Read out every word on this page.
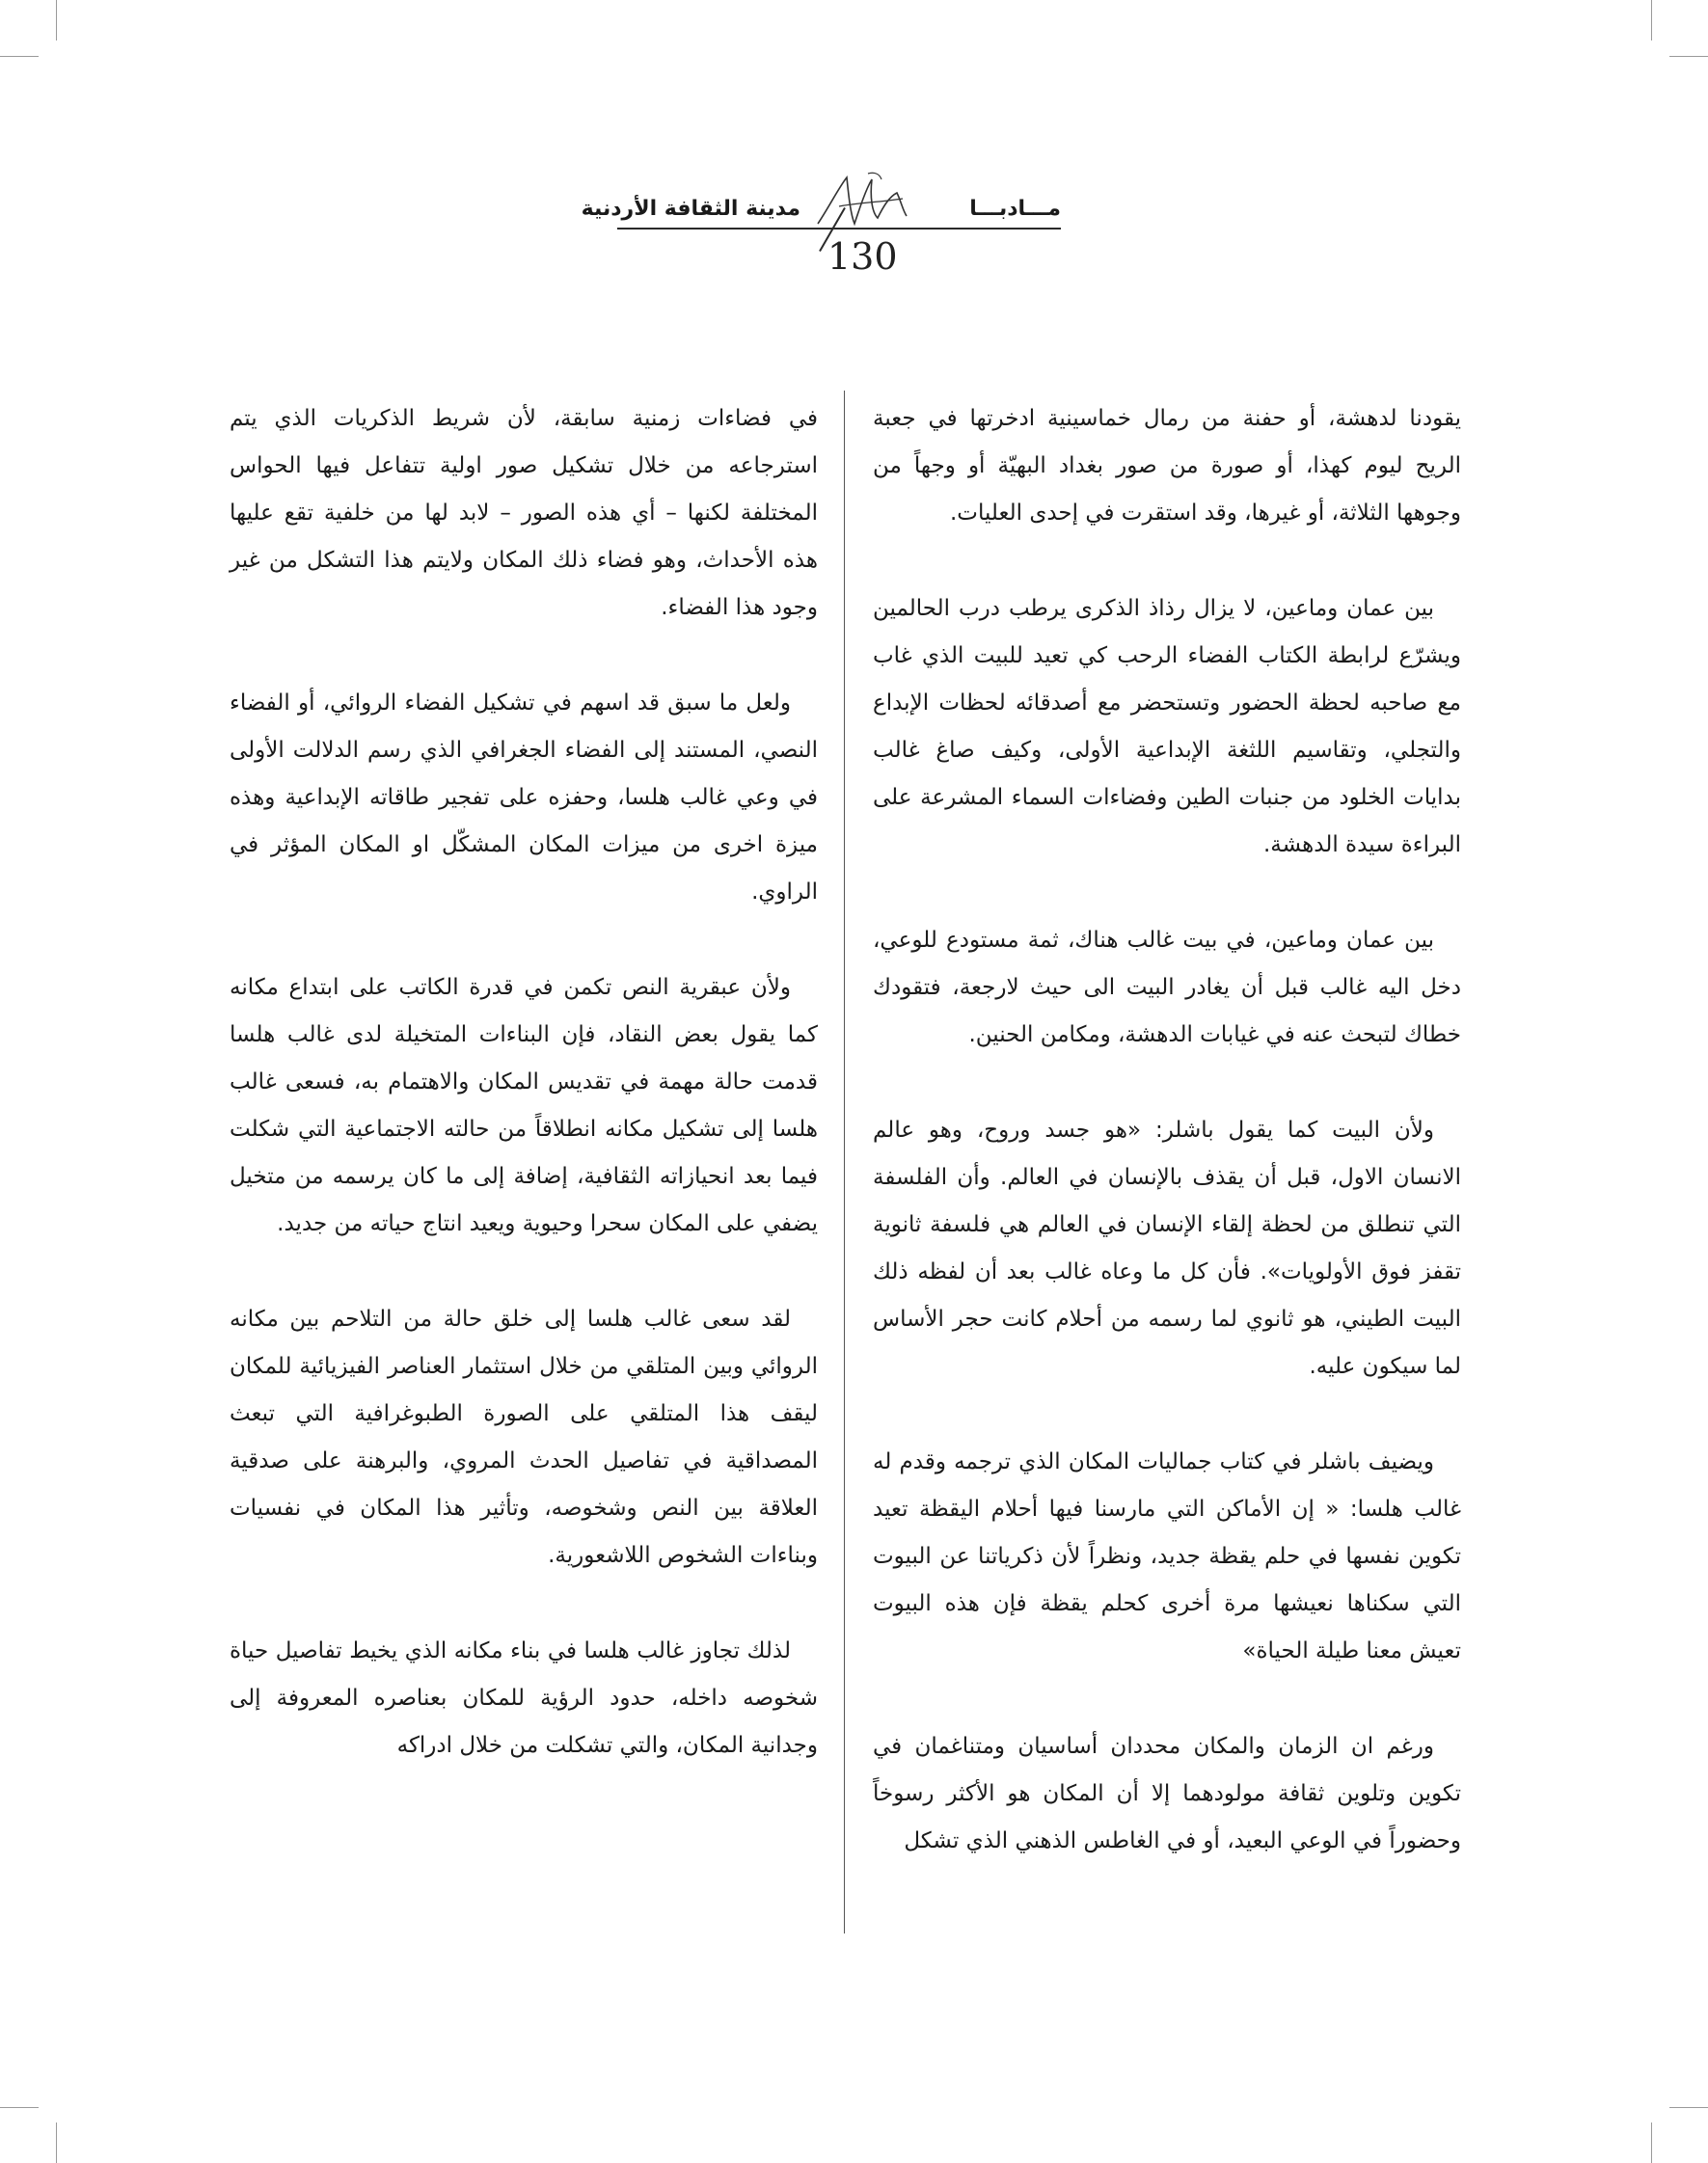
مدينة الثقافة الأردنية	مـــادبـــا
130

يقودنا لدهشة، أو حفنة من رمال خماسينية ادخرتها في جعبة الريح ليوم كهذا، أو صورة من صور بغداد البهيّة أو وجهاً من وجوهها الثلاثة، أو غيرها، وقد استقرت في إحدى العليات.

بين عمان وماعين، لا يزال رذاذ الذكرى يرطب درب الحالمين ويشرّع لرابطة الكتاب الفضاء الرحب كي تعيد للبيت الذي غاب مع صاحبه لحظة الحضور وتستحضر مع أصدقائه لحظات الإبداع والتجلي، وتقاسيم اللثغة الإبداعية الأولى، وكيف صاغ غالب بدايات الخلود من جنبات الطين وفضاءات السماء المشرعة على البراءة سيدة الدهشة.

بين عمان وماعين، في بيت غالب هناك، ثمة مستودع للوعي، دخل اليه غالب قبل أن يغادر البيت الى حيث لارجعة، فتقودك خطاك لتبحث عنه في غيابات الدهشة، ومكامن الحنين.

ولأن البيت كما يقول باشلر: «هو جسد وروح، وهو عالم الانسان الاول، قبل أن يقذف بالإنسان في العالم. وأن الفلسفة التي تنطلق من لحظة إلقاء الإنسان في العالم هي فلسفة ثانوية تقفز فوق الأولويات». فأن كل ما وعاه غالب بعد أن لفظه ذلك البيت الطيني، هو ثانوي لما رسمه من أحلام كانت حجر الأساس لما سيكون عليه.

ويضيف باشلر في كتاب جماليات المكان الذي ترجمه وقدم له غالب هلسا: « إن الأماكن التي مارسنا فيها أحلام اليقظة تعيد تكوين نفسها في حلم يقظة جديد، ونظراً لأن ذكرياتنا عن البيوت التي سكناها نعيشها مرة أخرى كحلم يقظة فإن هذه البيوت تعيش معنا طيلة الحياة»

ورغم ان الزمان والمكان محددان أساسيان ومتناغمان في تكوين وتلوين ثقافة مولودهما إلا أن المكان هو الأكثر رسوخاً وحضوراً في الوعي البعيد، أو في الغاطس الذهني الذي تشكل

في فضاءات زمنية سابقة، لأن شريط الذكريات الذي يتم استرجاعه من خلال تشكيل صور اولية تتفاعل فيها الحواس المختلفة لكنها – أي هذه الصور – لابد لها من خلفية تقع عليها هذه الأحداث، وهو فضاء ذلك المكان ولايتم هذا التشكل من غير وجود هذا الفضاء.

ولعل ما سبق قد اسهم في تشكيل الفضاء الروائي، أو الفضاء النصي، المستند إلى الفضاء الجغرافي الذي رسم الدلالت الأولى في وعي غالب هلسا، وحفزه على تفجير طاقاته الإبداعية وهذه ميزة اخرى من ميزات المكان المشكّل او المكان المؤثر في الراوي.

ولأن عبقرية النص تكمن في قدرة الكاتب على ابتداع مكانه كما يقول بعض النقاد، فإن البناءات المتخيلة لدى غالب هلسا قدمت حالة مهمة في تقديس المكان والاهتمام به، فسعى غالب هلسا إلى تشكيل مكانه انطلاقاً من حالته الاجتماعية التي شكلت فيما بعد انحيازاته الثقافية، إضافة إلى ما كان يرسمه من متخيل يضفي على المكان سحرا وحيوية ويعيد انتاج حياته من جديد.

لقد سعى غالب هلسا إلى خلق حالة من التلاحم بين مكانه الروائي وبين المتلقي من خلال استثمار العناصر الفيزيائية للمكان ليقف هذا المتلقي على الصورة الطبوغرافية التي تبعث المصداقية في تفاصيل الحدث المروي، والبرهنة على صدقية العلاقة بين النص وشخوصه، وتأثير هذا المكان في نفسيات وبناءات الشخوص اللاشعورية.

لذلك تجاوز غالب هلسا في بناء مكانه الذي يخيط تفاصيل حياة شخوصه داخله، حدود الرؤية للمكان بعناصره المعروفة إلى وجدانية المكان، والتي تشكلت من خلال ادراكه
